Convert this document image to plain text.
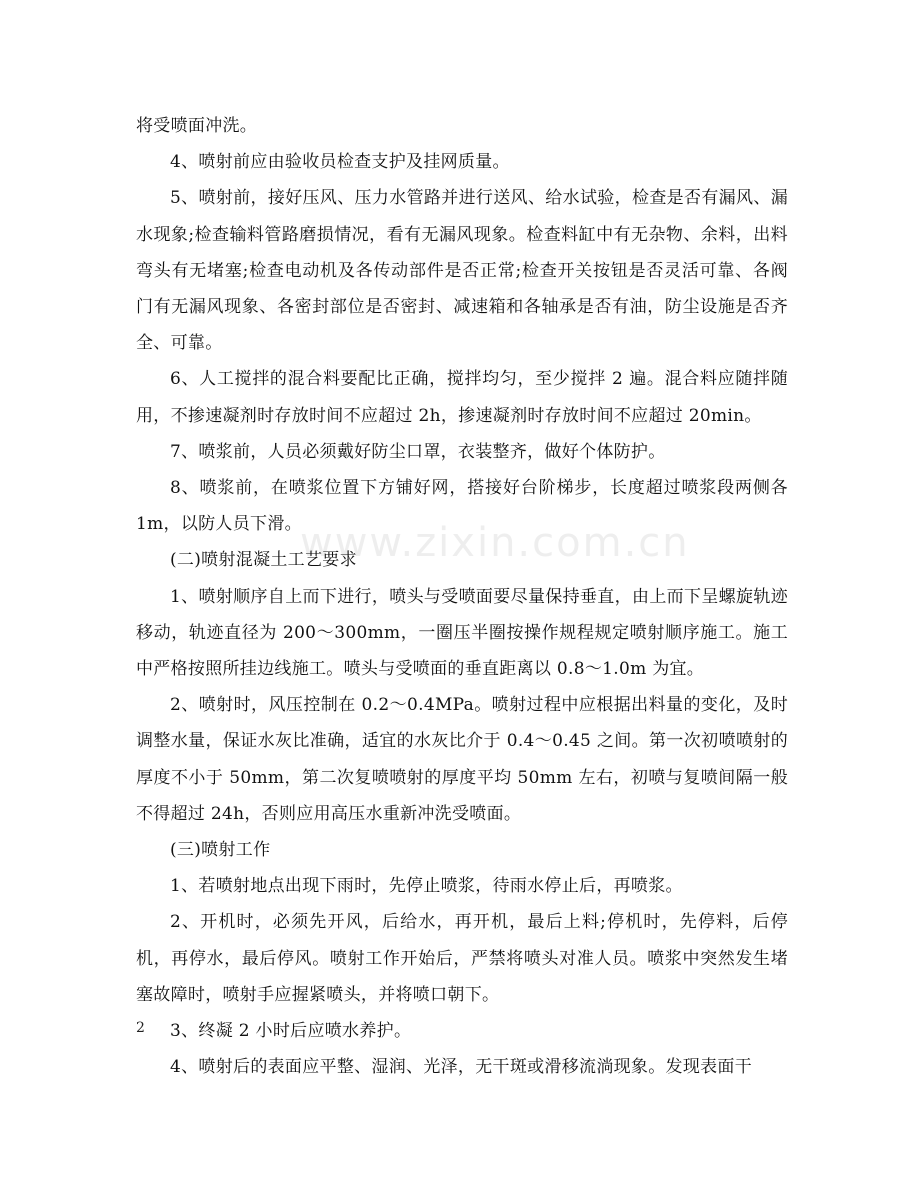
www.zixin.com.cn

将受喷面冲洗。

4、喷射前应由验收员检查支护及挂网质量。

5、喷射前，接好压风、压力水管路并进行送风、给水试验，检查是否有漏风、漏水现象;检查输料管路磨损情况，看有无漏风现象。检查料缸中有无杂物、余料，出料弯头有无堵塞;检查电动机及各传动部件是否正常;检查开关按钮是否灵活可靠、各阀门有无漏风现象、各密封部位是否密封、减速箱和各轴承是否有油，防尘设施是否齐全、可靠。

6、人工搅拌的混合料要配比正确，搅拌均匀，至少搅拌 2 遍。混合料应随拌随用，不掺速凝剂时存放时间不应超过 2h，掺速凝剂时存放时间不应超过 20min。

7、喷浆前，人员必须戴好防尘口罩，衣装整齐，做好个体防护。

8、喷浆前，在喷浆位置下方铺好网，搭接好台阶梯步，长度超过喷浆段两侧各 1m，以防人员下滑。

(二)喷射混凝土工艺要求

1、喷射顺序自上而下进行，喷头与受喷面要尽量保持垂直，由上而下呈螺旋轨迹移动，轨迹直径为 200～300mm，一圈压半圈按操作规程规定喷射顺序施工。施工中严格按照所挂边线施工。喷头与受喷面的垂直距离以 0.8～1.0m 为宜。

2、喷射时，风压控制在 0.2～0.4MPa。喷射过程中应根据出料量的变化，及时调整水量，保证水灰比准确，适宜的水灰比介于 0.4～0.45 之间。第一次初喷喷射的厚度不小于 50mm，第二次复喷喷射的厚度平均 50mm 左右，初喷与复喷间隔一般不得超过 24h，否则应用高压水重新冲洗受喷面。

(三)喷射工作

1、若喷射地点出现下雨时，先停止喷浆，待雨水停止后，再喷浆。

2、开机时，必须先开风，后给水，再开机，最后上料;停机时，先停料，后停机，再停水，最后停风。喷射工作开始后，严禁将喷头对准人员。喷浆中突然发生堵塞故障时，喷射手应握紧喷头，并将喷口朝下。

3、终凝 2 小时后应喷水养护。

4、喷射后的表面应平整、湿润、光泽，无干斑或滑移流淌现象。发现表面干

2
